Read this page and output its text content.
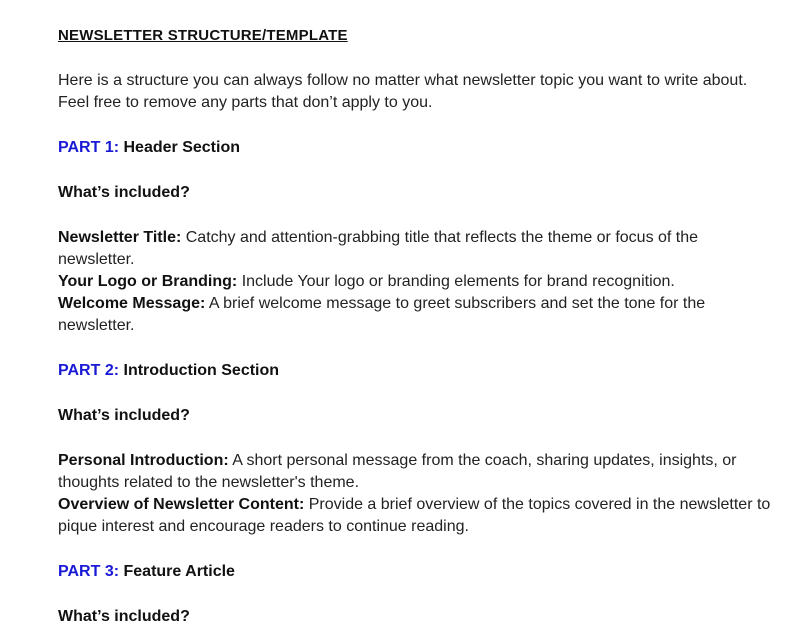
NEWSLETTER STRUCTURE/TEMPLATE

Here is a structure you can always follow no matter what newsletter topic you want to write about. Feel free to remove any parts that don’t apply to you.

PART 1: Header Section

What’s included?

Newsletter Title: Catchy and attention-grabbing title that reflects the theme or focus of the newsletter.

Your Logo or Branding: Include Your logo or branding elements for brand recognition.

Welcome Message: A brief welcome message to greet subscribers and set the tone for the newsletter.

PART 2: Introduction Section

What’s included?

Personal Introduction: A short personal message from the coach, sharing updates, insights, or thoughts related to the newsletter's theme.

Overview of Newsletter Content: Provide a brief overview of the topics covered in the newsletter to pique interest and encourage readers to continue reading.

PART 3: Feature Article

What’s included?
